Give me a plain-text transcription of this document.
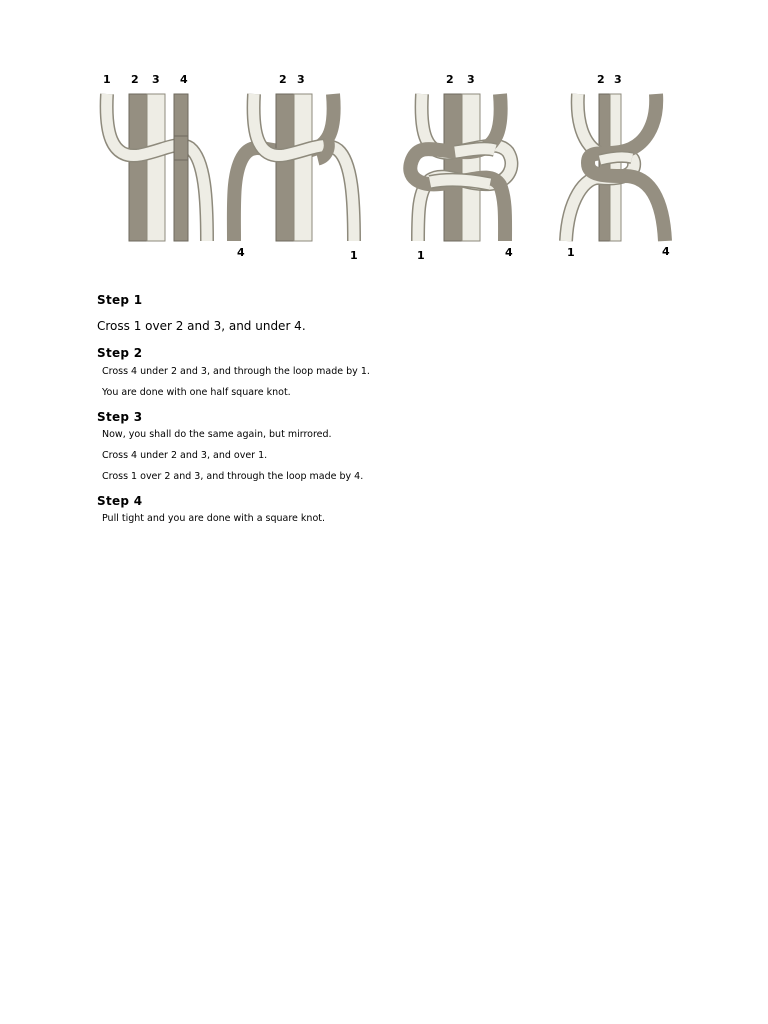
1 2 3 4	2 3
4	1
2 3
1	4
2 3
1	4

Step 1

Cross 1 over 2 and 3, and under 4.

Step 2

Cross 4 under 2 and 3, and through the loop made by 1.

You are done with one half square knot.

Step 3

Now, you shall do the same again, but mirrored.

Cross 4 under 2 and 3, and over 1.

Cross 1 over 2 and 3, and through the loop made by 4.

Step 4

Pull tight and you are done with a square knot.
